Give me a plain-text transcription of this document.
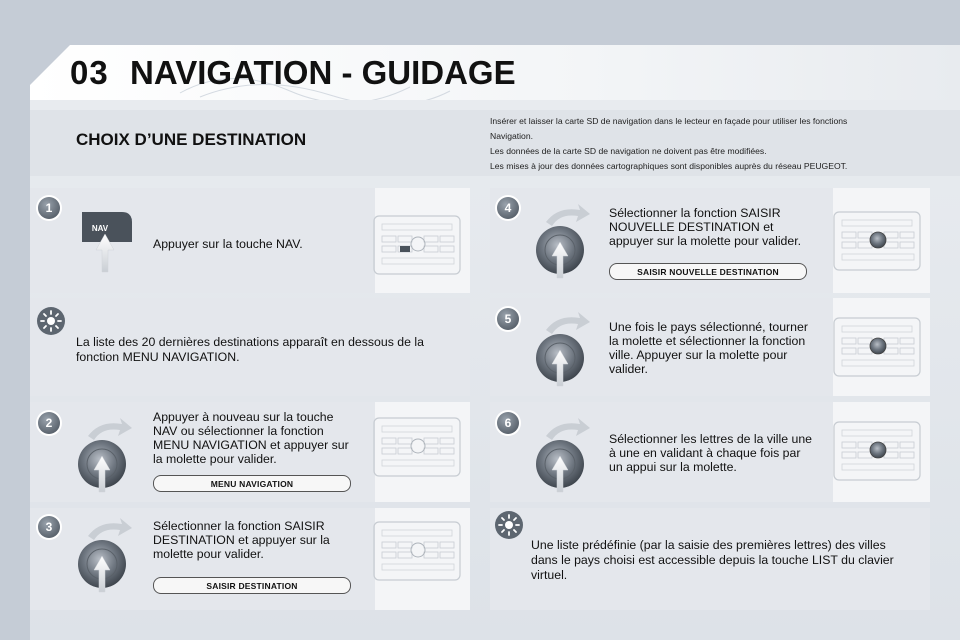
03 NAVIGATION - GUIDAGE
CHOIX D’UNE DESTINATION
Insérer et laisser la carte SD de navigation dans le lecteur en façade pour utiliser les fonctions
Navigation.
Les données de la carte SD de navigation ne doivent pas être modifiées.
Les mises à jour des données cartographiques sont disponibles auprès du réseau PEUGEOT.
1
NAV
Appuyer sur la touche NAV.
La liste des 20 dernières destinations apparaît en dessous de la
fonction MENU NAVIGATION.
2	Appuyer à nouveau sur la touche
NAV ou sélectionner la fonction
MENU NAVIGATION et appuyer sur
la molette pour valider.
MENU NAVIGATION
3	Sélectionner la fonction SAISIR
DESTINATION et appuyer sur la
molette pour valider.
SAISIR DESTINATION
4	Sélectionner la fonction SAISIR
NOUVELLE DESTINATION et
appuyer sur la molette pour valider.
SAISIR NOUVELLE DESTINATION
5
Une fois le pays sélectionné, tourner
la molette et sélectionner la fonction
ville. Appuyer sur la molette pour
valider.
6
Sélectionner les lettres de la ville une
à une en validant à chaque fois par
un appui sur la molette.
Une liste prédéfinie (par la saisie des premières lettres) des villes
dans le pays choisi est accessible depuis la touche LIST du clavier
virtuel.
